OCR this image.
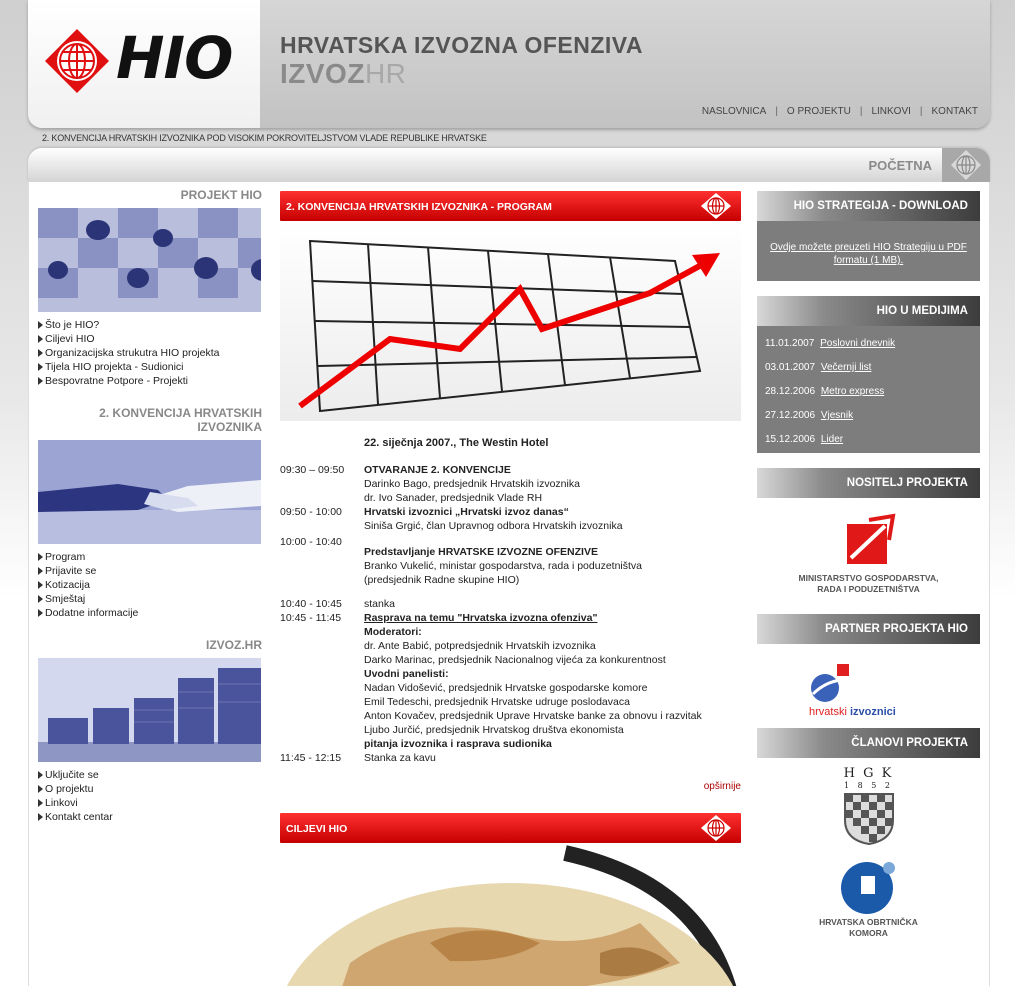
HIO HRVATSKA IZVOZNA OFENZIVA
IZVOZHR
NASLOVNICA | O PROJEKTU | LINKOVI | KONTAKT
2. KONVENCIJA HRVATSKIH IZVOZNIKA POD VISOKIM POKROVITELJSTVOM VLADE REPUBLIKE HRVATSKE
POČETNA
PROJEKT HIO
Što je HIO?
Ciljevi HIO
Organizacijska strukutra HIO projekta
Tijela HIO projekta - Sudionici
Bespovratne Potpore - Projekti
2. KONVENCIJA HRVATSKIH IZVOZNIKA
Program
Prijavite se
Kotizacija
Smještaj
Dodatne informacije
IZVOZ.HR
Uključite se
O projektu
Linkovi
Kontakt centar
2. KONVENCIJA HRVATSKIH IZVOZNIKA - PROGRAM
22. siječnja 2007., The Westin Hotel
09:30 – 09:50	OTVARANJE 2. KONVENCIJE
Darinko Bago, predsjednik Hrvatskih izvoznika
dr. Ivo Sanader, predsjednik Vlade RH
09:50 - 10:00	Hrvatski izvoznici „Hrvatski izvoz danas“
Siniša Grgić, član Upravnog odbora Hrvatskih izvoznika
10:00 - 10:40
Predstavljanje HRVATSKE IZVOZNE OFENZIVE
Branko Vukelić, ministar gospodarstva, rada i poduzetništva
(predsjednik Radne skupine HIO)
10:40 - 10:45	stanka
10:45 - 11:45	Rasprava na temu "Hrvatska izvozna ofenziva"
Moderatori:
dr. Ante Babić, potpredsjednik Hrvatskih izvoznika
Darko Marinac, predsjednik Nacionalnog vijeća za konkurentnost
Uvodni panelisti:
Nadan Vidošević, predsjednik Hrvatske gospodarske komore
Emil Tedeschi, predsjednik Hrvatske udruge poslodavaca
Anton Kovačev, predsjednik Uprave Hrvatske banke za obnovu i razvitak
Ljubo Jurčić, predsjednik Hrvatskog društva ekonomista
pitanja izvoznika i rasprava sudionika
11:45 - 12:15	Stanka za kavu
opširnije
CILJEVI HIO
HIO STRATEGIJA - DOWNLOAD
Ovdje možete preuzeti HIO Strategiju u PDF formatu (1 MB).
HIO U MEDIJIMA
11.01.2007 Poslovni dnevnik
03.01.2007 Večernji list
28.12.2006 Metro express
27.12.2006 Vjesnik
15.12.2006 Lider
NOSITELJ PROJEKTA
MINISTARSTVO GOSPODARSTVA,
RADA I PODUZETNIŠTVA
PARTNER PROJEKTA HIO
hrvatski izvoznici
ČLANOVI PROJEKTA
H G K
1 8 5 2
HRVATSKA OBRTNIČKA
KOMORA
